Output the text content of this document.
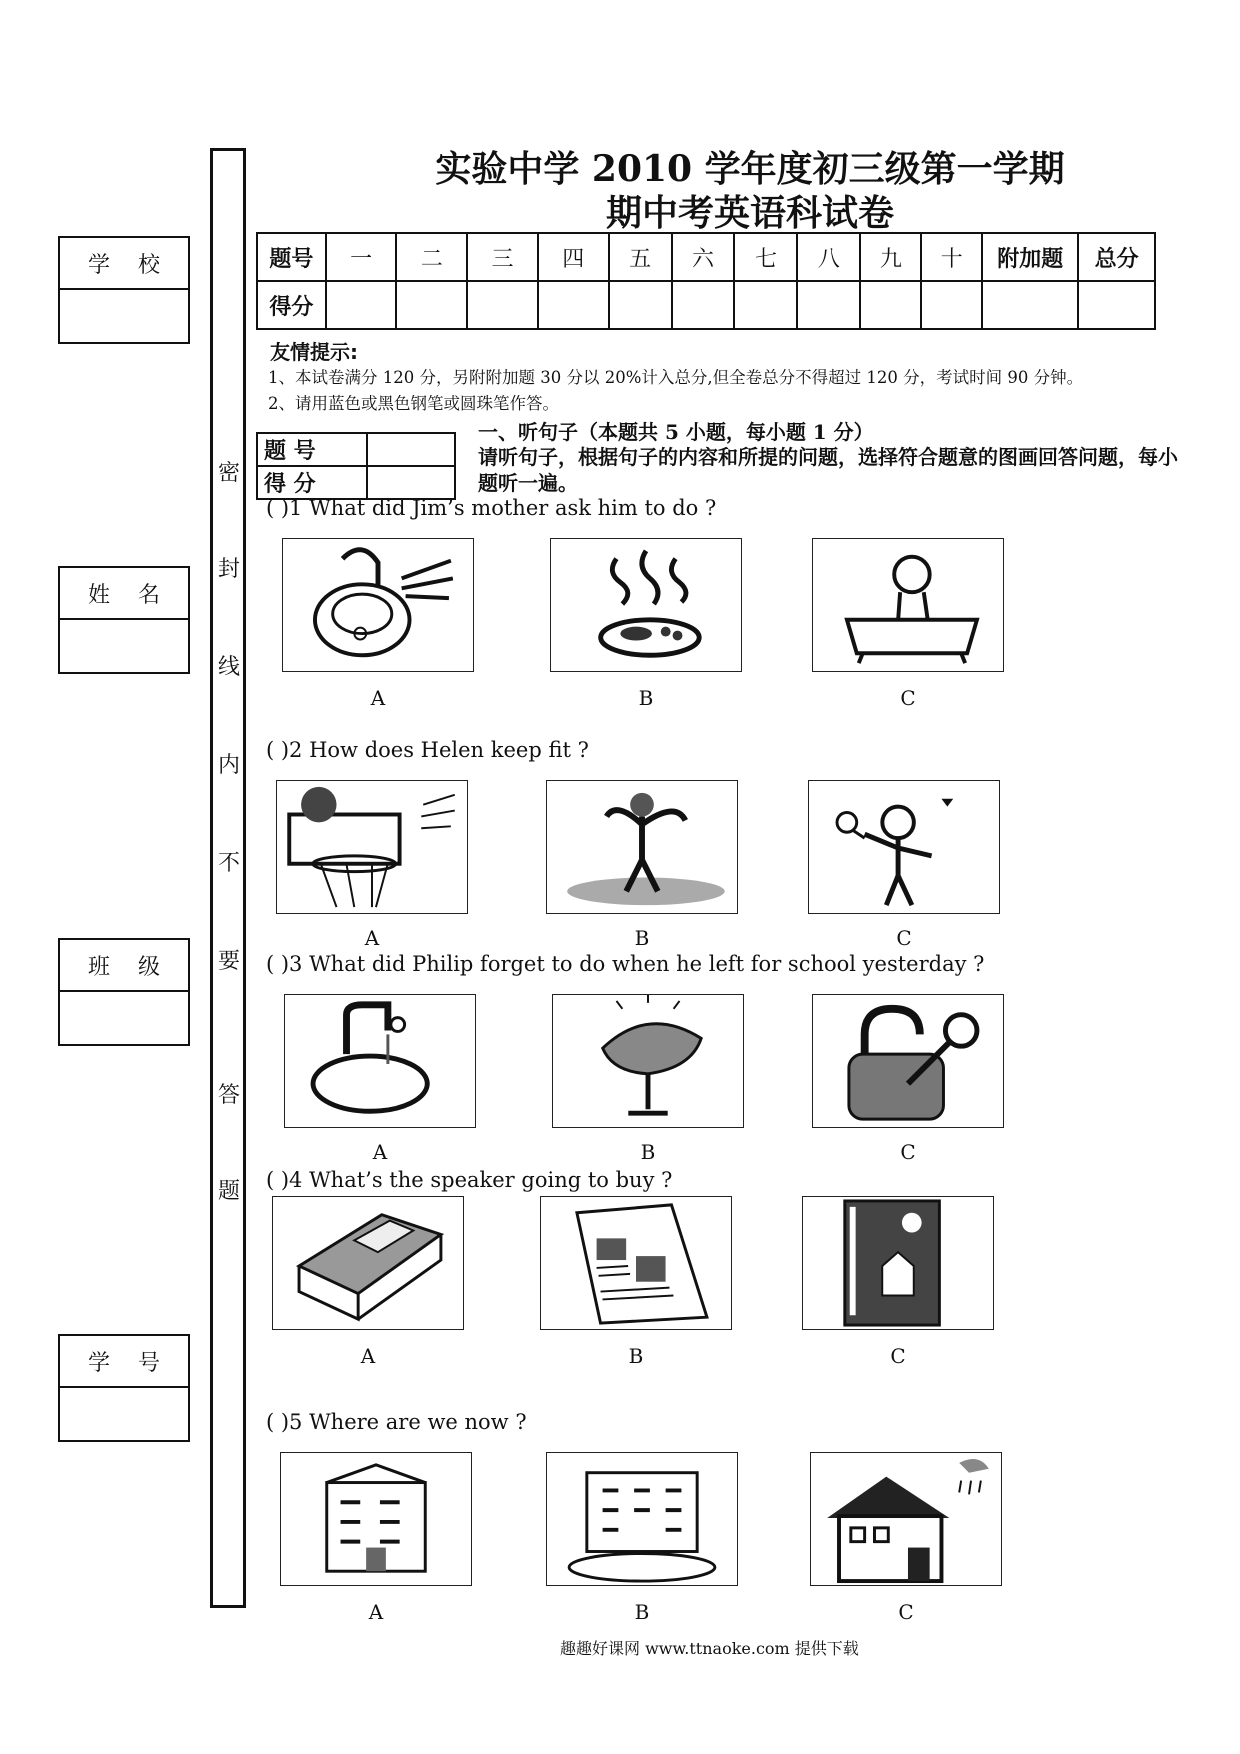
学校
姓名
班级
学号
密
封
线
内
不
要
答
题
实验中学 2010 学年度初三级第一学期
期中考英语科试卷
题号	一	二	三	四	五	六	七	八	九	十	附加题	总分
得分												
友情提示:
1、本试卷满分 120 分，另附附加题 30 分以 20%计入总分,但全卷总分不得超过 120 分，考试时间 90 分钟。
2、请用蓝色或黑色钢笔或圆珠笔作答。
题 号	
得 分	
一、听句子（本题共 5 小题，每小题 1 分）
请听句子，根据句子的内容和所提的问题，选择符合题意的图画回答问题，每小题听一遍。
( )1 What did Jim’s mother ask him to do ?
A	B	C
( )2 How does Helen keep fit ?
A	B	C
( )3 What did Philip forget to do when he left for school yesterday ?
A	B	C
( )4 What’s the speaker going to buy ?
A	B	C
( )5 Where are we now ?
A	B	C
趣趣好课网 www.ttnaoke.com 提供下载
